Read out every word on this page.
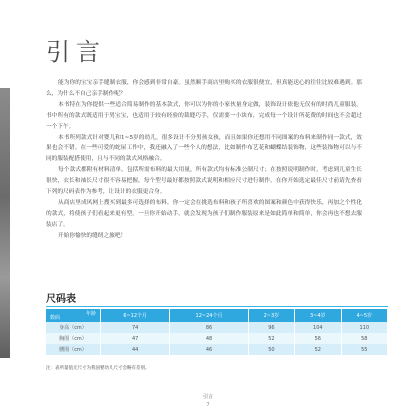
引言

能为你的宝宝亲手缝制衣服，你会感到非常自豪。虽然顺手商店里购买的衣服很便宜，但真能送心的往往比较难遇到。那么，为什么不自己亲手制作呢？

本书特在为你提供一些适合简易制作的基本款式，你可以为你的小家伙量身定做，装饰设计依他无仅有的时尚儿童服装。书中所有的款式既适用于男宝宝，也适用于较有经验的裁缝巧手，仅需要一小块布，完成每一个设计所花费的时间也不会超过一个下午。

本书所列款式针对婴儿和1~5岁的幼儿。很多设计不分男孩女孩，而且如果你还想用不同图案的布料来制作同一款式，效果也会不错。在一些可爱的蛇屋工作中，我还融入了一些个人的想法，比如制作布艺花和蝴蝶结装饰物，这些装饰物可以与不同的服装配搭使用，且与不同的款式风格融合。

每个款式都附有材料清单，包括所需布料的最大用量，所有款式均有标准公制尺寸；在按照说明制作时，考虑到儿童生长很快，衣长和袖长尺寸很不容易把握，每个型号最好都按照款式说明和相应尺寸进行制作。在你开始选定最佳尺寸前请先查看下列的尺码表作为参考，让设计的衣服更合身。

从商店里成风网上搜买到最多可选择的布料，你一定会在挑选布料和孩子所喜欢的图案和颜色中获得快乐，再加之个性化的款式，将使孩子们看起来更有型。一旦你开始动手，就会发现为孩子们制作服装原来是如此简单和简单，你会再也不想去服装店了。

开始你愉快的缝纫之旅吧！

尺码表
年龄
数码	6~12个月	12~24个月	2~3岁	3~4岁	4~5岁
身高（cm）	74	86	96	104	110
胸围（cm）	47	48	52	56	58
腰围（cm）	44	46	50	52	55
注：表所量值无尺寸为我国婴幼儿尺寸会略有差别。
引言
7
